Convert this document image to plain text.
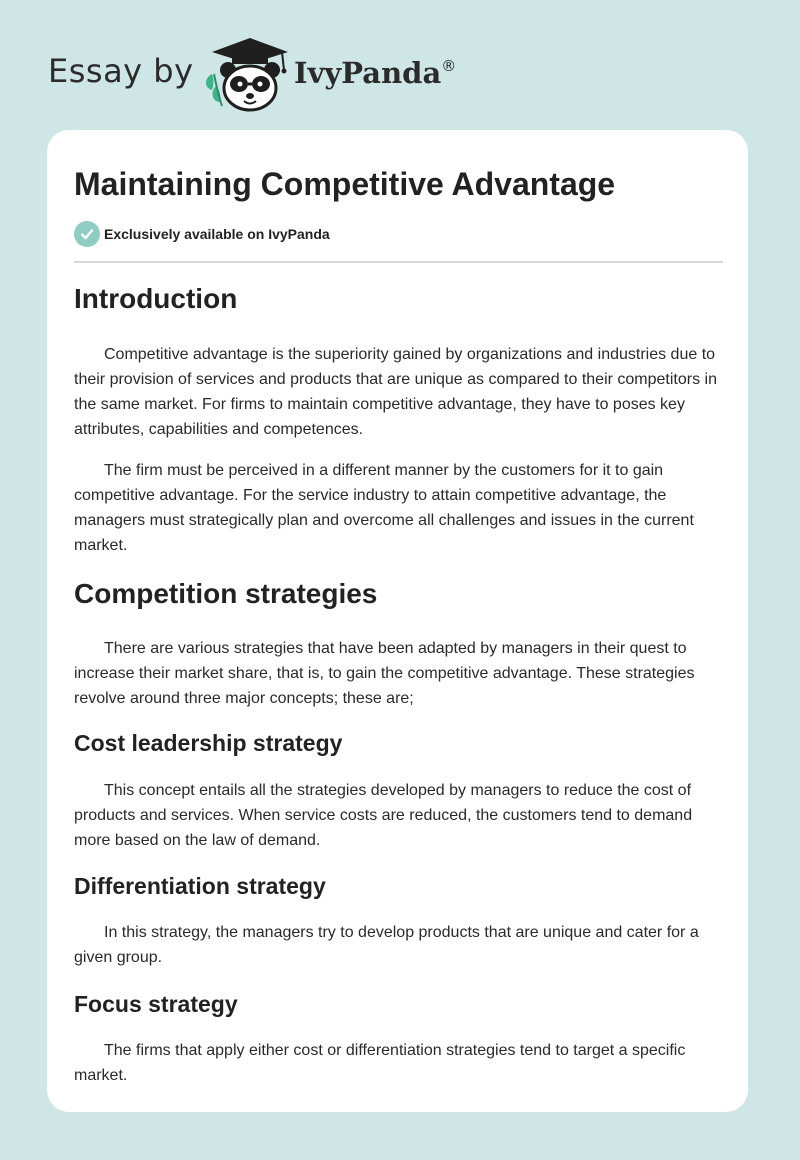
Essay by	IvyPanda®
Maintaining Competitive Advantage
Exclusively available on IvyPanda
Introduction

Competitive advantage is the superiority gained by organizations and industries due to their provision of services and products that are unique as compared to their competitors in the same market. For firms to maintain competitive advantage, they have to poses key attributes, capabilities and competences.

The firm must be perceived in a different manner by the customers for it to gain competitive advantage. For the service industry to attain competitive advantage, the managers must strategically plan and overcome all challenges and issues in the current market.

Competition strategies

There are various strategies that have been adapted by managers in their quest to increase their market share, that is, to gain the competitive advantage. These strategies revolve around three major concepts; these are;

Cost leadership strategy

This concept entails all the strategies developed by managers to reduce the cost of products and services. When service costs are reduced, the customers tend to demand more based on the law of demand.

Differentiation strategy

In this strategy, the managers try to develop products that are unique and cater for a given group.

Focus strategy

The firms that apply either cost or differentiation strategies tend to target a specific market.
